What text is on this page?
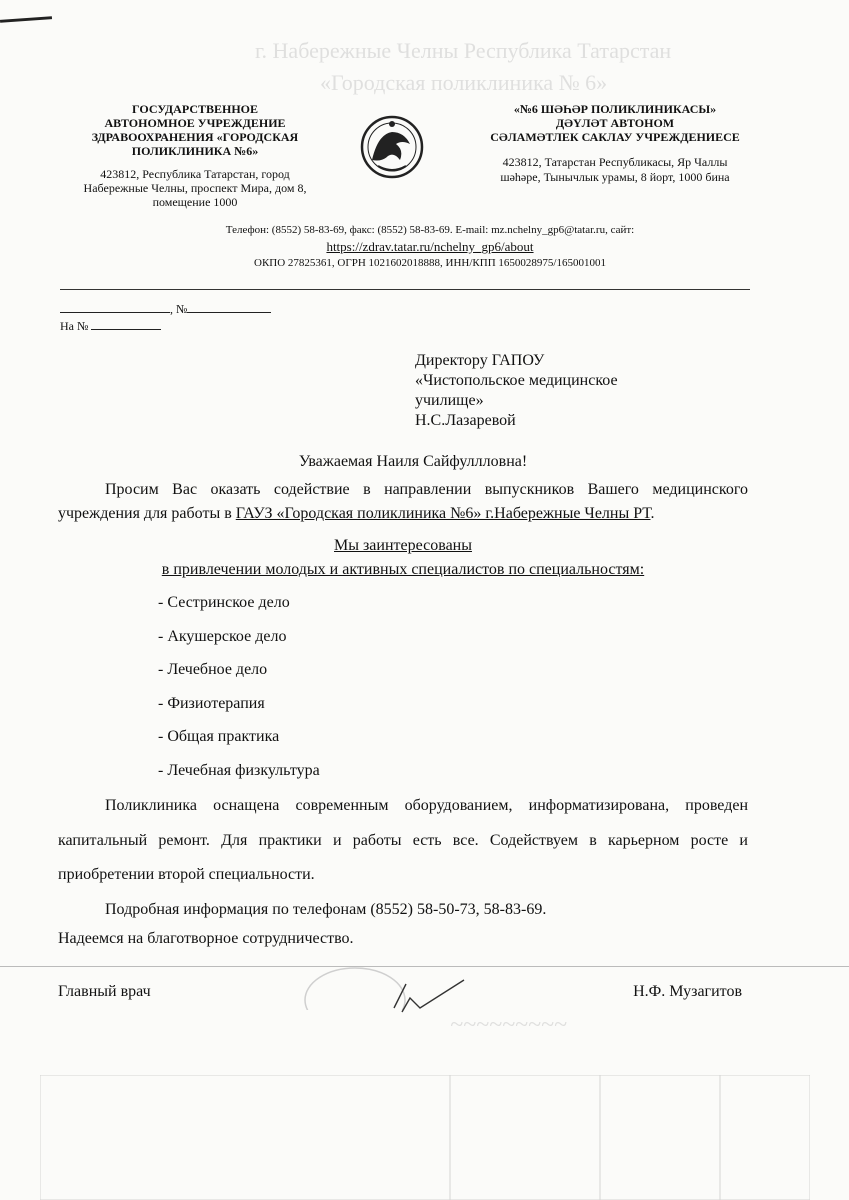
г. Набережные Челны Республика Татарстан
«Городская поликлиника № 6»
ГОСУДАРСТВЕННОЕ
АВТОНОМНОЕ УЧРЕЖДЕНИЕ
ЗДРАВООХРАНЕНИЯ «ГОРОДСКАЯ
ПОЛИКЛИНИКА №6»
423812, Республика Татарстан, город
Набережные Челны, проспект Мира, дом 8,
помещение 1000
«№6 ШӘҺӘР ПОЛИКЛИНИКАСЫ»
ДӘҮЛӘТ АВТОНОМ
СӘЛАМӘТЛЕК САКЛАУ УЧРЕЖДЕНИЕСЕ
423812, Татарстан Республикасы, Яр Чаллы
шәһәре, Тынычлык урамы, 8 йорт, 1000 бина
Телефон: (8552) 58-83-69, факс: (8552) 58-83-69. E-mail: mz.nchelny_gp6@tatar.ru, сайт:
https://zdrav.tatar.ru/nchelny_gp6/about
ОКПО 27825361, ОГРН 1021602018888, ИНН/КПП 1650028975/165001001
, №
На №
Директору ГАПОУ
«Чистопольское медицинское
училище»
Н.С.Лазаревой
Уважаемая Наиля Сайфуллловна!

Просим Вас оказать содействие в направлении выпускников Вашего медицинского учреждения для работы в ГАУЗ «Городская поликлиника №6» г.Набережные Челны РТ.

Мы заинтересованы
в привлечении молодых и активных специалистов по специальностям:
- Сестринское дело
- Акушерское дело
- Лечебное дело
- Физиотерапия
- Общая практика
- Лечебная физкультура

Поликлиника оснащена современным оборудованием, информатизирована, проведен капитальный ремонт. Для практики и работы есть все. Содействуем в карьерном росте и приобретении второй специальности.

Подробная информация по телефонам (8552) 58-50-73, 58-83-69.

Надеемся на благотворное сотрудничество.

Главный врач	Н.Ф. Музагитов
~~~~~~~~~
